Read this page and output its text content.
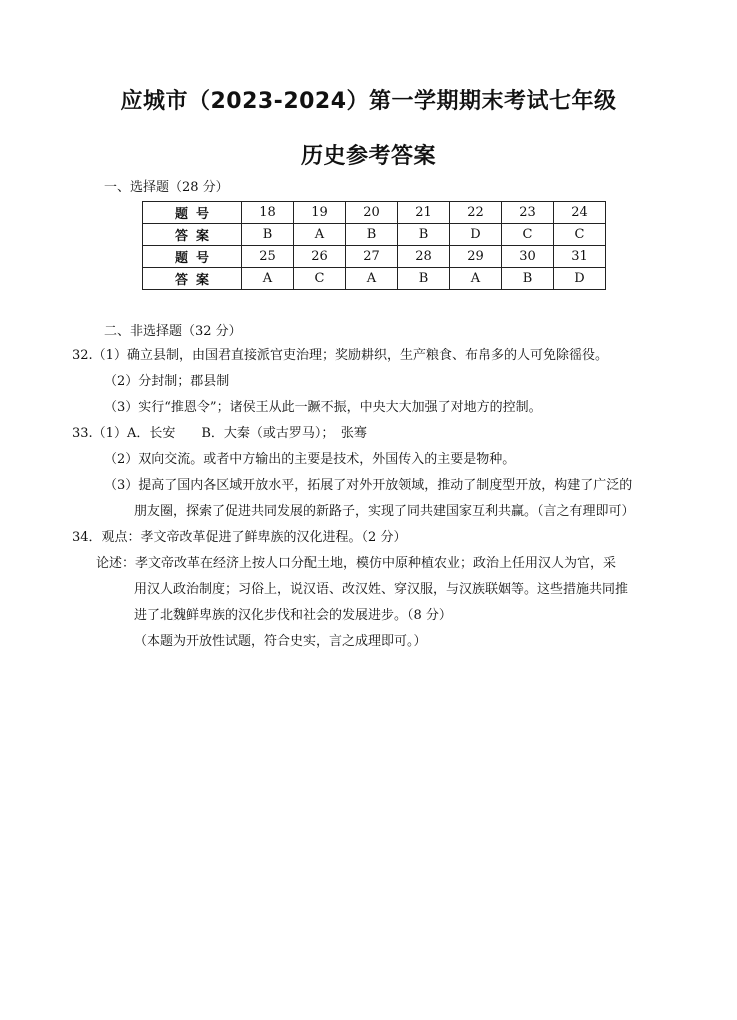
应城市（2023-2024）第一学期期末考试七年级
历史参考答案
一、选择题（28 分）
题号	18	19	20	21	22	23	24
答案	B	A	B	B	D	C	C
题号	25	26	27	28	29	30	31
答案	A	C	A	B	A	B	D
二、非选择题（32 分）
32.（1）确立县制，由国君直接派官吏治理；奖励耕织，生产粮食、布帛多的人可免除徭役。
（2）分封制；郡县制
（3）实行“推恩令”；诸侯王从此一蹶不振，中央大大加强了对地方的控制。
33.（1）A．长安　　B．大秦（或古罗马）；　张骞
（2）双向交流。或者中方输出的主要是技术，外国传入的主要是物种。
（3）提高了国内各区域开放水平，拓展了对外开放领域，推动了制度型开放，构建了广泛的
朋友圈，探索了促进共同发展的新路子，实现了同共建国家互利共赢。（言之有理即可）
34．观点：孝文帝改革促进了鲜卑族的汉化进程。（2 分）
论述：孝文帝改革在经济上按人口分配土地，模仿中原种植农业；政治上任用汉人为官，采
用汉人政治制度；习俗上，说汉语、改汉姓、穿汉服，与汉族联姻等。这些措施共同推
进了北魏鲜卑族的汉化步伐和社会的发展进步。（8 分）
（本题为开放性试题，符合史实，言之成理即可。）
